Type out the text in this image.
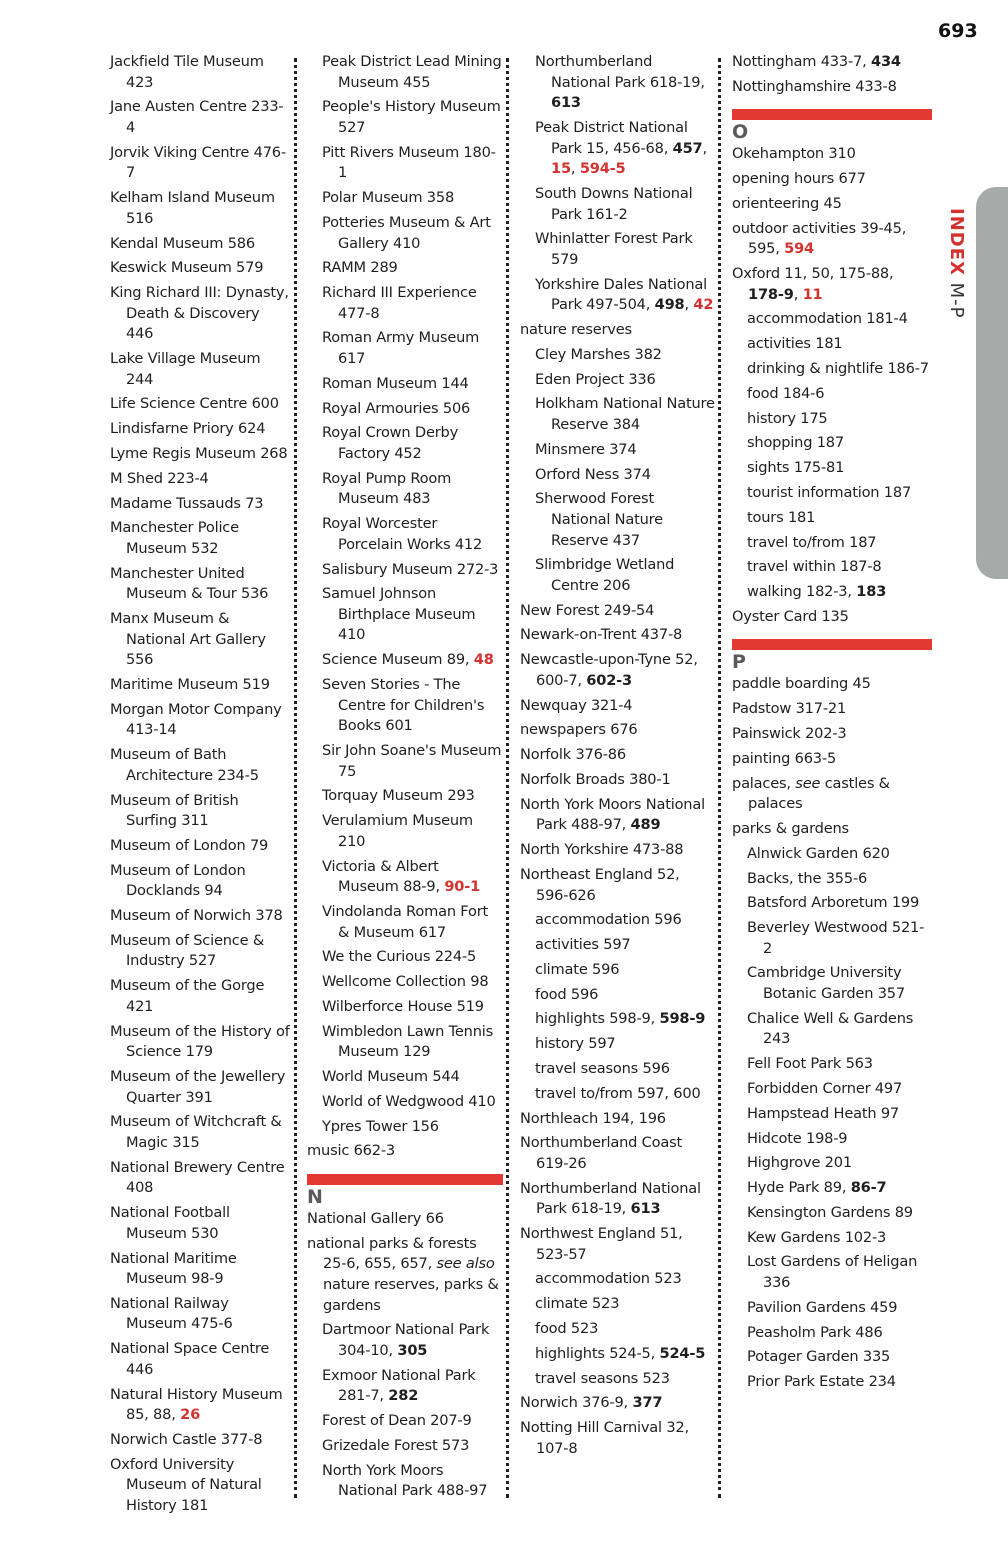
693
Jackfield Tile Museum 423
Jane Austen Centre 233-4
Jorvik Viking Centre 476-7
Kelham Island Museum 516
Kendal Museum 586
Keswick Museum 579
King Richard III: Dynasty, Death & Discovery 446
Lake Village Museum 244
Life Science Centre 600
Lindisfarne Priory 624
Lyme Regis Museum 268
M Shed 223-4
Madame Tussauds 73
Manchester Police Museum 532
Manchester United Museum & Tour 536
Manx Museum & National Art Gallery 556
Maritime Museum 519
Morgan Motor Company 413-14
Museum of Bath Architecture 234-5
Museum of British Surfing 311
Museum of London 79
Museum of London Docklands 94
Museum of Norwich 378
Museum of Science & Industry 527
Museum of the Gorge 421
Museum of the History of Science 179
Museum of the Jewellery Quarter 391
Museum of Witchcraft & Magic 315
National Brewery Centre 408
National Football Museum 530
National Maritime Museum 98-9
National Railway Museum 475-6
National Space Centre 446
Natural History Museum 85, 88, 26
Norwich Castle 377-8
Oxford University Museum of Natural History 181
Peak District Lead Mining Museum 455
People's History Museum 527
Pitt Rivers Museum 180-1
Polar Museum 358
Potteries Museum & Art Gallery 410
RAMM 289
Richard III Experience 477-8
Roman Army Museum 617
Roman Museum 144
Royal Armouries 506
Royal Crown Derby Factory 452
Royal Pump Room Museum 483
Royal Worcester Porcelain Works 412
Salisbury Museum 272-3
Samuel Johnson Birthplace Museum 410
Science Museum 89, 48
Seven Stories - The Centre for Children's Books 601
Sir John Soane's Museum 75
Torquay Museum 293
Verulamium Museum 210
Victoria & Albert Museum 88-9, 90-1
Vindolanda Roman Fort & Museum 617
We the Curious 224-5
Wellcome Collection 98
Wilberforce House 519
Wimbledon Lawn Tennis Museum 129
World Museum 544
World of Wedgwood 410
Ypres Tower 156
music 662-3
N
National Gallery 66
national parks & forests 25-6, 655, 657, see also nature reserves, parks & gardens
Dartmoor National Park 304-10, 305
Exmoor National Park 281-7, 282
Forest of Dean 207-9
Grizedale Forest 573
North York Moors National Park 488-97
Northumberland National Park 618-19, 613
Peak District National Park 15, 456-68, 457, 15, 594-5
South Downs National Park 161-2
Whinlatter Forest Park 579
Yorkshire Dales National Park 497-504, 498, 42
nature reserves
Cley Marshes 382
Eden Project 336
Holkham National Nature Reserve 384
Minsmere 374
Orford Ness 374
Sherwood Forest National Nature Reserve 437
Slimbridge Wetland Centre 206
New Forest 249-54
Newark-on-Trent 437-8
Newcastle-upon-Tyne 52, 600-7, 602-3
Newquay 321-4
newspapers 676
Norfolk 376-86
Norfolk Broads 380-1
North York Moors National Park 488-97, 489
North Yorkshire 473-88
Northeast England 52, 596-626
accommodation 596
activities 597
climate 596
food 596
highlights 598-9, 598-9
history 597
travel seasons 596
travel to/from 597, 600
Northleach 194, 196
Northumberland Coast 619-26
Northumberland National Park 618-19, 613
Northwest England 51, 523-57
accommodation 523
climate 523
food 523
highlights 524-5, 524-5
travel seasons 523
Norwich 376-9, 377
Notting Hill Carnival 32, 107-8
Nottingham 433-7, 434
Nottinghamshire 433-8
O
Okehampton 310
opening hours 677
orienteering 45
outdoor activities 39-45, 595, 594
Oxford 11, 50, 175-88, 178-9, 11
accommodation 181-4
activities 181
drinking & nightlife 186-7
food 184-6
history 175
shopping 187
sights 175-81
tourist information 187
tours 181
travel to/from 187
travel within 187-8
walking 182-3, 183
Oyster Card 135
P
paddle boarding 45
Padstow 317-21
Painswick 202-3
painting 663-5
palaces, see castles & palaces
parks & gardens
Alnwick Garden 620
Backs, the 355-6
Batsford Arboretum 199
Beverley Westwood 521-2
Cambridge University Botanic Garden 357
Chalice Well & Gardens 243
Fell Foot Park 563
Forbidden Corner 497
Hampstead Heath 97
Hidcote 198-9
Highgrove 201
Hyde Park 89, 86-7
Kensington Gardens 89
Kew Gardens 102-3
Lost Gardens of Heligan 336
Pavilion Gardens 459
Peasholm Park 486
Potager Garden 335
Prior Park Estate 234
INDEX M-P
